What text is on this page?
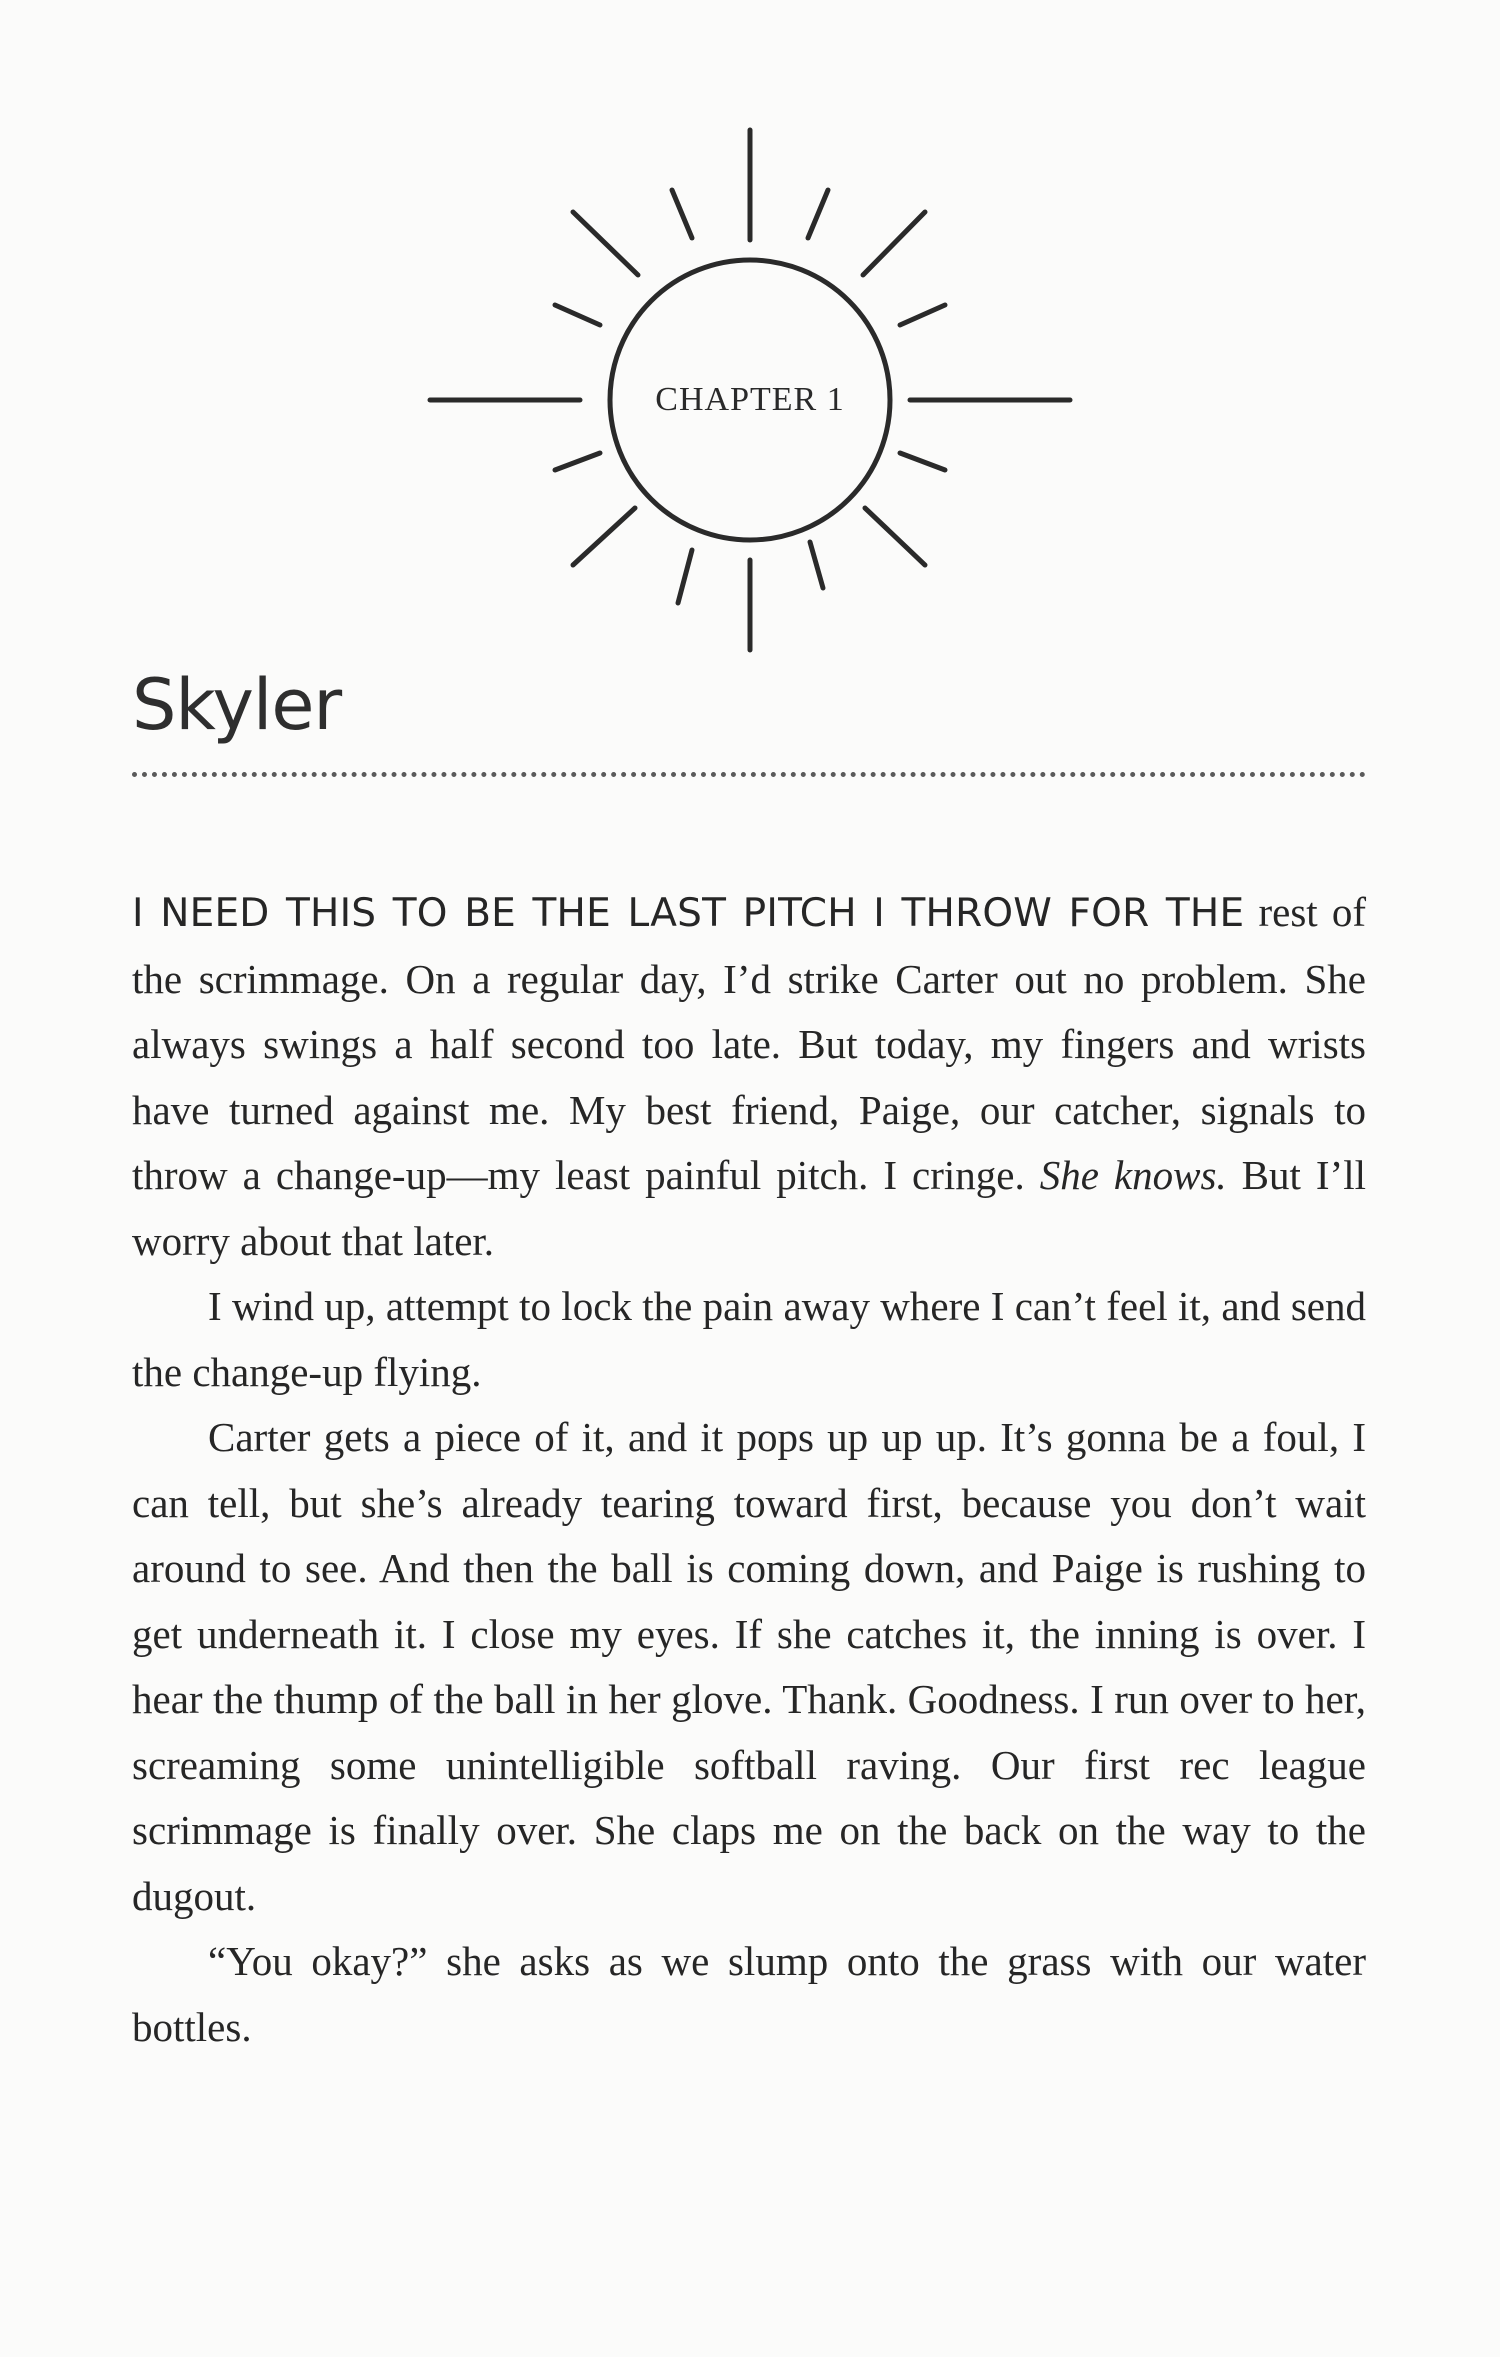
CHAPTER 1
Skyler

I NEED THIS TO BE THE LAST PITCH I THROW FOR THE rest of the scrimmage. On a regular day, I’d strike Carter out no problem. She always swings a half second too late. But today, my fingers and wrists have turned against me. My best friend, Paige, our catcher, signals to throw a change-up—my least painful pitch. I cringe. She knows. But I’ll worry about that later.

I wind up, attempt to lock the pain away where I can’t feel it, and send the change-up flying.

Carter gets a piece of it, and it pops up up up. It’s gonna be a foul, I can tell, but she’s already tearing toward first, because you don’t wait around to see. And then the ball is coming down, and Paige is rushing to get underneath it. I close my eyes. If she catches it, the inning is over. I hear the thump of the ball in her glove. Thank. Goodness. I run over to her, screaming some unintelligible softball raving. Our first rec league scrimmage is finally over. She claps me on the back on the way to the dugout.

“You okay?” she asks as we slump onto the grass with our water bottles.
